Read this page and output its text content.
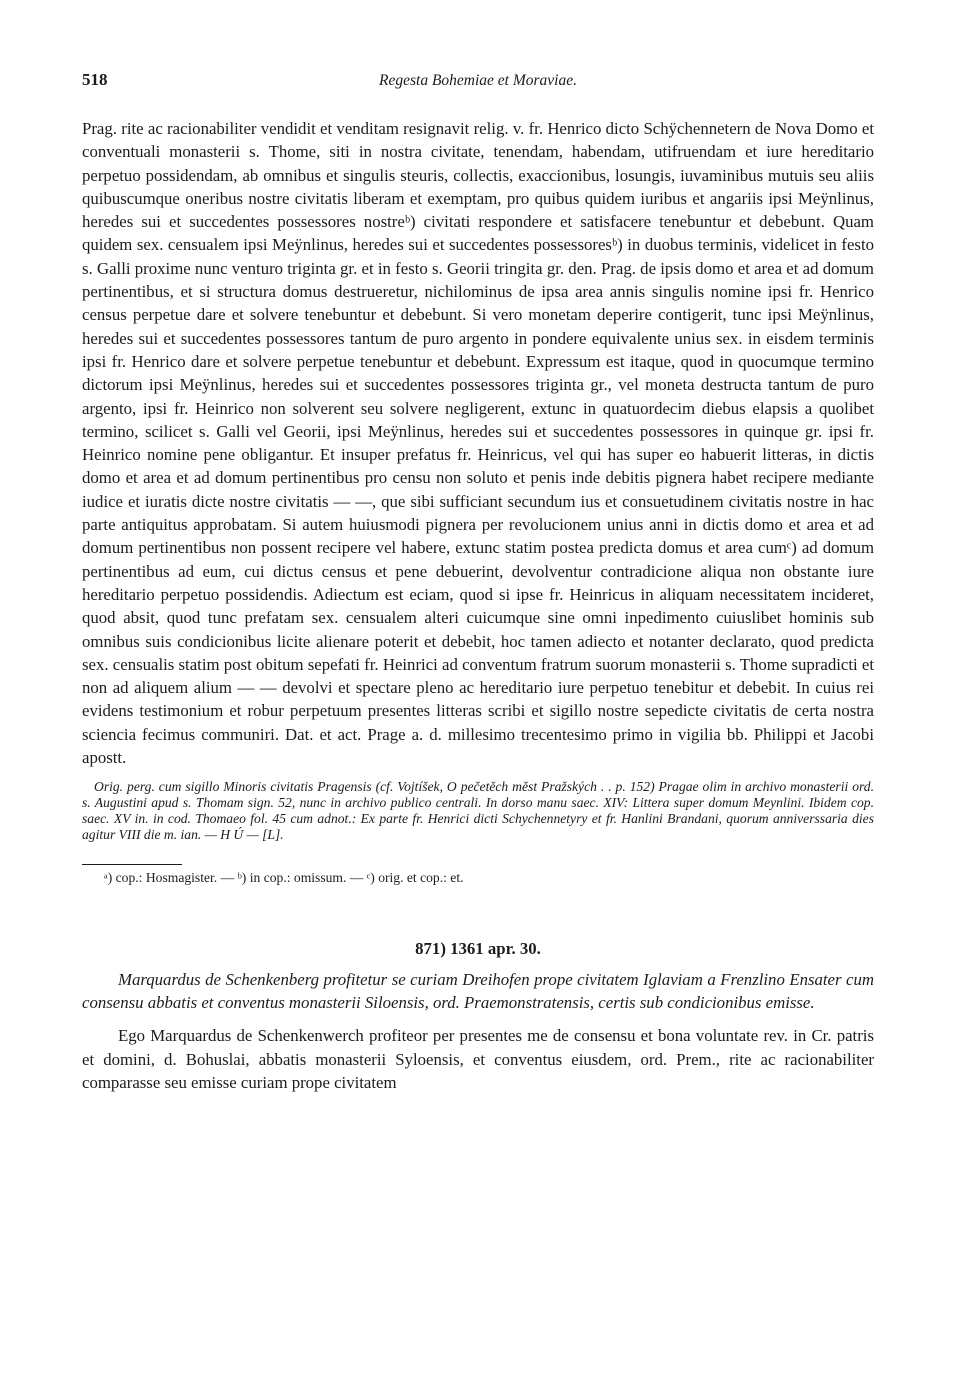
518	Regesta Bohemiae et Moraviae.

Prag. rite ac racionabiliter vendidit et venditam resignavit relig. v. fr. Henrico dicto Schÿchennetern de Nova Domo et conventuali monasterii s. Thome, siti in nostra civitate, tenendam, habendam, utifruendam et iure hereditario perpetuo possidendam, ab omnibus et singulis steuris, collectis, exaccionibus, losungis, iuvaminibus mutuis seu aliis quibuscumque oneribus nostre civitatis liberam et exemptam, pro quibus quidem iuribus et angariis ipsi Meÿnlinus, heredes sui et succedentes possessores nostreᵇ) civitati respondere et satisfacere tenebuntur et debebunt. Quam quidem sex. censualem ipsi Meÿnlinus, heredes sui et succedentes possessoresᵇ) in duobus terminis, videlicet in festo s. Galli proxime nunc venturo triginta gr. et in festo s. Georii tringita gr. den. Prag. de ipsis domo et area et ad domum pertinentibus, et si structura domus destrueretur, nichilominus de ipsa area annis singulis nomine ipsi fr. Henrico census perpetue dare et solvere tenebuntur et debebunt. Si vero monetam deperire contigerit, tunc ipsi Meÿnlinus, heredes sui et succedentes possessores tantum de puro argento in pondere equivalente unius sex. in eisdem terminis ipsi fr. Henrico dare et solvere perpetue tenebuntur et debebunt. Expressum est itaque, quod in quocumque termino dictorum ipsi Meÿnlinus, heredes sui et succedentes possessores triginta gr., vel moneta destructa tantum de puro argento, ipsi fr. Heinrico non solverent seu solvere negligerent, extunc in quatuordecim diebus elapsis a quolibet termino, scilicet s. Galli vel Georii, ipsi Meÿnlinus, heredes sui et succedentes possessores in quinque gr. ipsi fr. Heinrico nomine pene obligantur. Et insuper prefatus fr. Heinricus, vel qui has super eo habuerit litteras, in dictis domo et area et ad domum pertinentibus pro censu non soluto et penis inde debitis pignera habet recipere mediante iudice et iuratis dicte nostre civitatis — —, que sibi sufficiant secundum ius et consuetudinem civitatis nostre in hac parte antiquitus approbatam. Si autem huiusmodi pignera per revolucionem unius anni in dictis domo et area et ad domum pertinentibus non possent recipere vel habere, extunc statim postea predicta domus et area cumᶜ) ad domum pertinentibus ad eum, cui dictus census et pene debuerint, devolventur contradicione aliqua non obstante iure hereditario perpetuo possidendis. Adiectum est eciam, quod si ipse fr. Heinricus in aliquam necessitatem incideret, quod absit, quod tunc prefatam sex. censualem alteri cuicumque sine omni inpedimento cuiuslibet hominis sub omnibus suis condicionibus licite alienare poterit et debebit, hoc tamen adiecto et notanter declarato, quod predicta sex. censualis statim post obitum sepefati fr. Heinrici ad conventum fratrum suorum monasterii s. Thome supradicti et non ad aliquem alium — — devolvi et spectare pleno ac hereditario iure perpetuo tenebitur et debebit. In cuius rei evidens testimonium et robur perpetuum presentes litteras scribi et sigillo nostre sepedicte civitatis de certa nostra sciencia fecimus communiri. Dat. et act. Prage a. d. millesimo trecentesimo primo in vigilia bb. Philippi et Jacobi apostt.

Orig. perg. cum sigillo Minoris civitatis Pragensis (cf. Vojtíšek, O pečetěch měst Pražských . . p. 152) Pragae olim in archivo monasterii ord. s. Augustini apud s. Thomam sign. 52, nunc in archivo publico centrali. In dorso manu saec. XIV: Littera super domum Meynlini. Ibidem cop. saec. XV in. in cod. Thomaeo fol. 45 cum adnot.: Ex parte fr. Henrici dicti Schychennetyry et fr. Hanlini Brandani, quorum anniverssaria dies agitur VIII die m. ian. — H Ú — [L].

ᵃ) cop.: Hosmagister. — ᵇ) in cop.: omissum. — ᶜ) orig. et cop.: et.

871) 1361 apr. 30.

Marquardus de Schenkenberg profitetur se curiam Dreihofen prope civitatem Iglaviam a Frenzlino Ensater cum consensu abbatis et conventus monasterii Siloensis, ord. Praemonstratensis, certis sub condicionibus emisse.

Ego Marquardus de Schenkenwerch profiteor per presentes me de consensu et bona voluntate rev. in Cr. patris et domini, d. Bohuslai, abbatis monasterii Syloensis, et conventus eiusdem, ord. Prem., rite ac racionabiliter comparasse seu emisse curiam prope civitatem
